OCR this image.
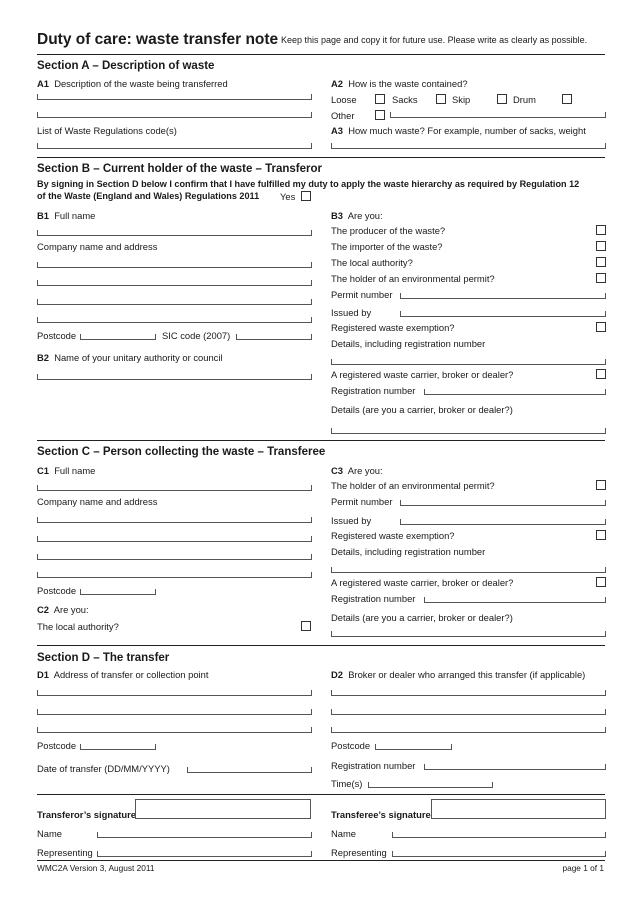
Duty of care: waste transfer note Keep this page and copy it for future use. Please write as clearly as possible.
Section A – Description of waste
A1 Description of the waste being transferred
List of Waste Regulations code(s)
A2 How is the waste contained?
Loose	Sacks	Skip	Drum
Other
A3 How much waste? For example, number of sacks, weight
Section B – Current holder of the waste – Transferor
By signing in Section D below I confirm that I have fulfilled my duty to apply the waste hierarchy as required by Regulation 12
of the Waste (England and Wales) Regulations 2011 Yes
B1 Full name
Company name and address
Postcode	SIC code (2007)
B2 Name of your unitary authority or council
B3 Are you:
The producer of the waste?
The importer of the waste?
The local authority?
The holder of an environmental permit?
Permit number
Issued by
Registered waste exemption?
Details, including registration number
A registered waste carrier, broker or dealer?
Registration number
Details (are you a carrier, broker or dealer?)
Section C – Person collecting the waste – Transferee
C1 Full name
Company name and address
Postcode
C2 Are you:
The local authority?
C3 Are you:
The holder of an environmental permit?
Permit number
Issued by
Registered waste exemption?
Details, including registration number
A registered waste carrier, broker or dealer?
Registration number
Details (are you a carrier, broker or dealer?)
Section D – The transfer
D1 Address of transfer or collection point
Postcode
Date of transfer (DD/MM/YYYY)
D2 Broker or dealer who arranged this transfer (if applicable)
Postcode
Registration number
Time(s)
Transferor’s signature
Name
Representing
Transferee’s signature
Name
Representing
WMC2A Version 3, August 2011	page 1 of 1
